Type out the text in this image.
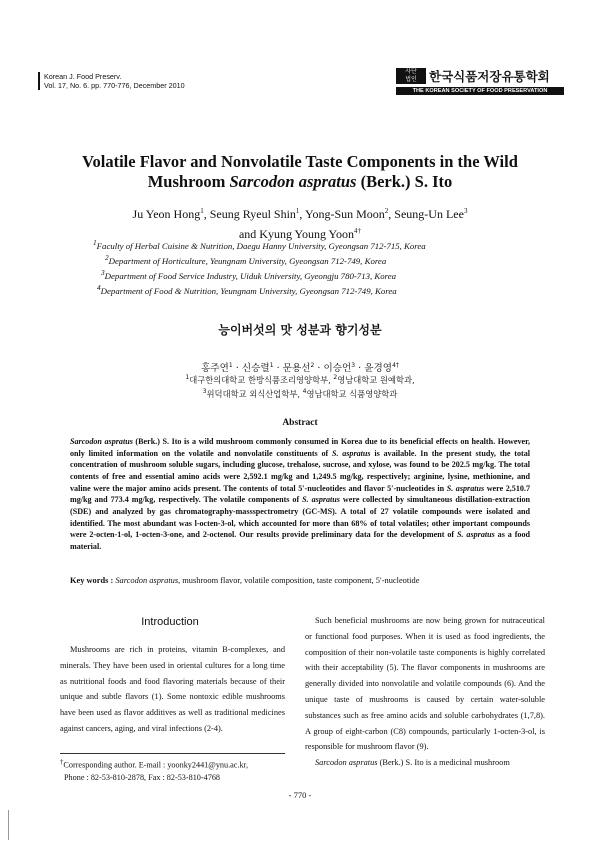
Korean J. Food Preserv.
Vol. 17, No. 6. pp. 770-776, December 2010
사단
법인 한국식품저장유통학회
THE KOREAN SOCIETY OF FOOD PRESERVATION
Volatile Flavor and Nonvolatile Taste Components in the Wild
Mushroom Sarcodon aspratus (Berk.) S. Ito
Ju Yeon Hong$^1$, Seung Ryeul Shin$^1$, Yong-Sun Moon$^2$, Seung-Un Lee$^3$
and Kyung Young Yoon$^{4\dagger}$
$^1$Faculty of Herbal Cuisine & Nutrition, Daegu Hanny University, Gyeongsan 712-715, Korea
$^2$Department of Horticulture, Yeungnam University, Gyeongsan 712-749, Korea
$^3$Department of Food Service Industry, Uiduk University, Gyeongju 780-713, Korea
$^4$Department of Food & Nutrition, Yeungnam University, Gyeongsan 712-749, Korea
능이버섯의 맛 성분과 향기성분
홍주연$^1$ · 신승렬$^1$ · 문용선$^2$ · 이승언$^3$ · 윤경영$^{4\dagger}$
$^1$대구한의대학교 한방식품조리영양학부, $^2$영남대학교 원예학과,
$^3$위덕대학교 외식산업학부, $^4$영남대학교 식품영양학과
Abstract
Sarcodon aspratus (Berk.) S. Ito is a wild mushroom commonly consumed in Korea due to its beneficial effects on health. However, only limited information on the volatile and nonvolatile constituents of S. aspratus is available. In the present study, the total concentration of mushroom soluble sugars, including glucose, trehalose, sucrose, and xylose, was found to be 202.5 mg/kg. The total contents of free and essential amino acids were 2,592.1 mg/kg and 1,249.5 mg/kg, respectively; arginine, lysine, methionine, and valine were the major amino acids present. The contents of total 5′-nucleotides and flavor 5′-nucleotides in S. aspratus were 2,510.7 mg/kg and 773.4 mg/kg, respectively. The volatile components of S. aspratus were collected by simultaneous distillation-extraction (SDE) and analyzed by gas chromatography-massspectrometry (GC-MS). A total of 27 volatile compounds were isolated and identified. The most abundant was l-octen-3-ol, which accounted for more than 68% of total volatiles; other important compounds were 2-octen-1-ol, 1-octen-3-one, and 2-octenol. Our results provide preliminary data for the development of S. aspratus as a food material.
Key words : Sarcodon aspratus, mushroom flavor, volatile composition, taste component, 5′-nucleotide
Introduction

Mushrooms are rich in proteins, vitamin B-complexes, and minerals. They have been used in oriental cultures for a long time as nutritional foods and food flavoring materials because of their unique and subtle flavors (1). Some nontoxic edible mushrooms have been used as flavor additives as well as traditional medicines against cancers, aging, and viral infections (2-4).

Such beneficial mushrooms are now being grown for nutraceutical or functional food purposes. When it is used as food ingredients, the composition of their non-volatile taste components is highly correlated with their acceptability (5). The flavor components in mushrooms are generally divided into nonvolatile and volatile compounds (6). And the unique taste of mushrooms is caused by certain water-soluble substances such as free amino acids and soluble carbohydrates (1,7,8). A group of eight-carbon (C8) compounds, particularly 1-octen-3-ol, is responsible for mushroom flavor (9).

Sarcodon aspratus (Berk.) S. Ito is a medicinal mushroom

†Corresponding author. E-mail : yoonky2441@ynu.ac.kr,
Phone : 82-53-810-2878, Fax : 82-53-810-4768
- 770 -
